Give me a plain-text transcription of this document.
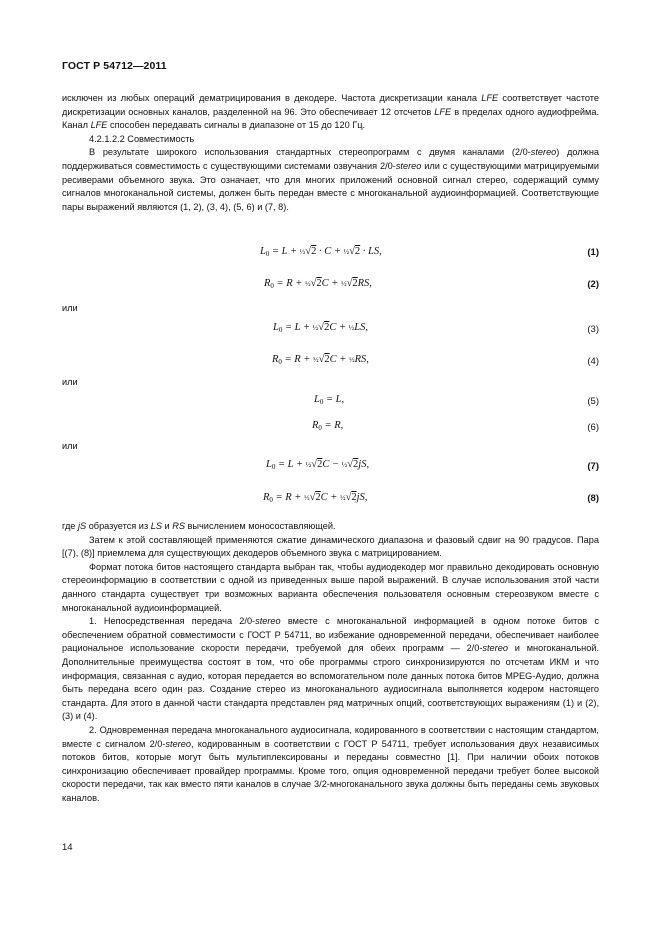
ГОСТ Р 54712—2011

исключен из любых операций дематрицирования в декодере. Частота дискретизации канала LFE соответствует частоте дискретизации основных каналов, разделенной на 96. Это обеспечивает 12 отсчетов LFE в пределах одного аудиофрейма. Канал LFE способен передавать сигналы в диапазоне от 15 до 120 Гц.

4.2.1.2.2 Совместимость

В результате широкого использования стандартных стереопрограмм с двумя каналами (2/0-stereo) должна поддерживаться совместимость с существующими системами озвучания 2/0-stereo или с существующими матрицируемыми ресиверами объемного звука. Это означает, что для многих приложений основной сигнал стерео, содержащий сумму сигналов многоканальной системы, должен быть передан вместе с многоканальной аудиоинформацией. Соответствующие пары выражений являются (1, 2), (3, 4), (5, 6) и (7, 8).

$L_0 = L$ + ½√2 · C + ½√2 · LS,	(1)
$R_0 = R$ + ½√2C + ½√2RS,	(2)
или
$L_0 = L$ + ½√2C + ½LS,	(3)
$R_0 = R$ + ½√2C + ½RS,	(4)
или
$L_0 = L$,	(5)
$R_0 = R$,	(6)
или
$L_0 = L$ + ½√2C − ½√2jS,	(7)
$R_0 = R$ + ½√2C + ½√2jS,	(8)

где jS образуется из LS и RS вычислением моносоставляющей.

Затем к этой составляющей применяются сжатие динамического диапазона и фазовый сдвиг на 90 градусов. Пара [(7), (8)] приемлема для существующих декодеров объемного звука с матрицированием.

Формат потока битов настоящего стандарта выбран так, чтобы аудиодекодер мог правильно декодировать основную стереоинформацию в соответствии с одной из приведенных выше парой выражений. В случае использования этой части данного стандарта существует три возможных варианта обеспечения пользователя основным стереозвуком вместе с многоканальной аудиоинформацией.

1. Непосредственная передача 2/0-stereo вместе с многоканальной информацией в одном потоке битов с обеспечением обратной совместимости с ГОСТ Р 54711, во избежание одновременной передачи, обеспечивает наиболее рациональное использование скорости передачи, требуемой для обеих программ — 2/0-stereo и многоканальной. Дополнительные преимущества состоят в том, что обе программы строго синхронизируются по отсчетам ИКМ и что информация, связанная с аудио, которая передается во вспомогательном поле данных потока битов MPEG-Аудио, должна быть передана всего один раз. Создание стерео из многоканального аудиосигнала выполняется кодером настоящего стандарта. Для этого в данной части стандарта представлен ряд матричных опций, соответствующих выражениям (1) и (2), (3) и (4).

2. Одновременная передача многоканального аудиосигнала, кодированного в соответствии с настоящим стандартом, вместе с сигналом 2/0-stereo, кодированным в соответствии с ГОСТ Р 54711, требует использования двух независимых потоков битов, которые могут быть мультиплексированы и переданы совместно [1]. При наличии обоих потоков синхронизацию обеспечивает провайдер программы. Кроме того, опция одновременной передачи требует более высокой скорости передачи, так как вместо пяти каналов в случае 3/2-многоканального звука должны быть переданы семь звуковых каналов.

14
